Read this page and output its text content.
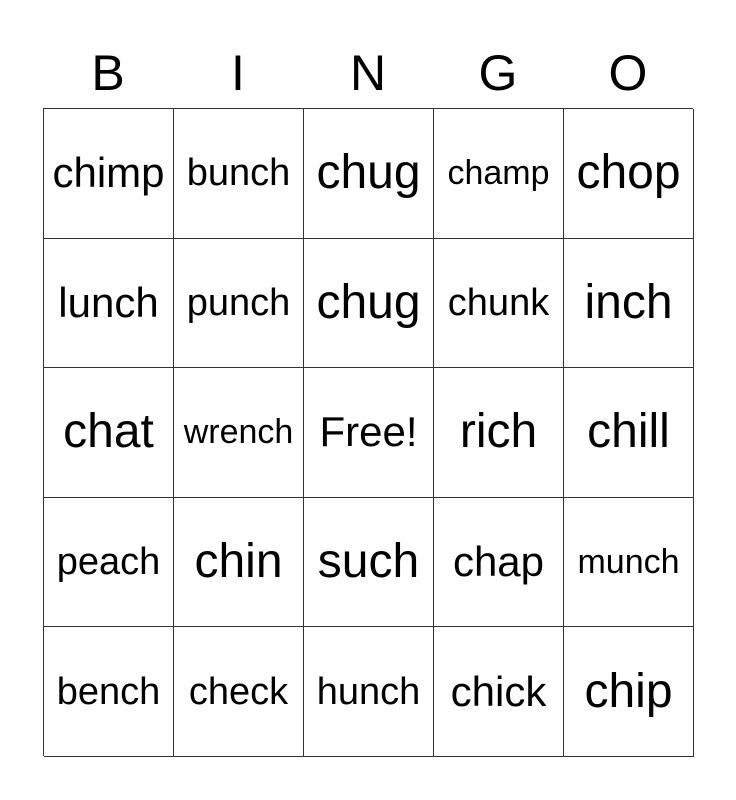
B	I	N	G	O
chimp bunch chug champ chop
lunch punch chug chunk inch
chat wrench Free! rich	chill
peach chin such chap munch
bench check hunch chick chip
